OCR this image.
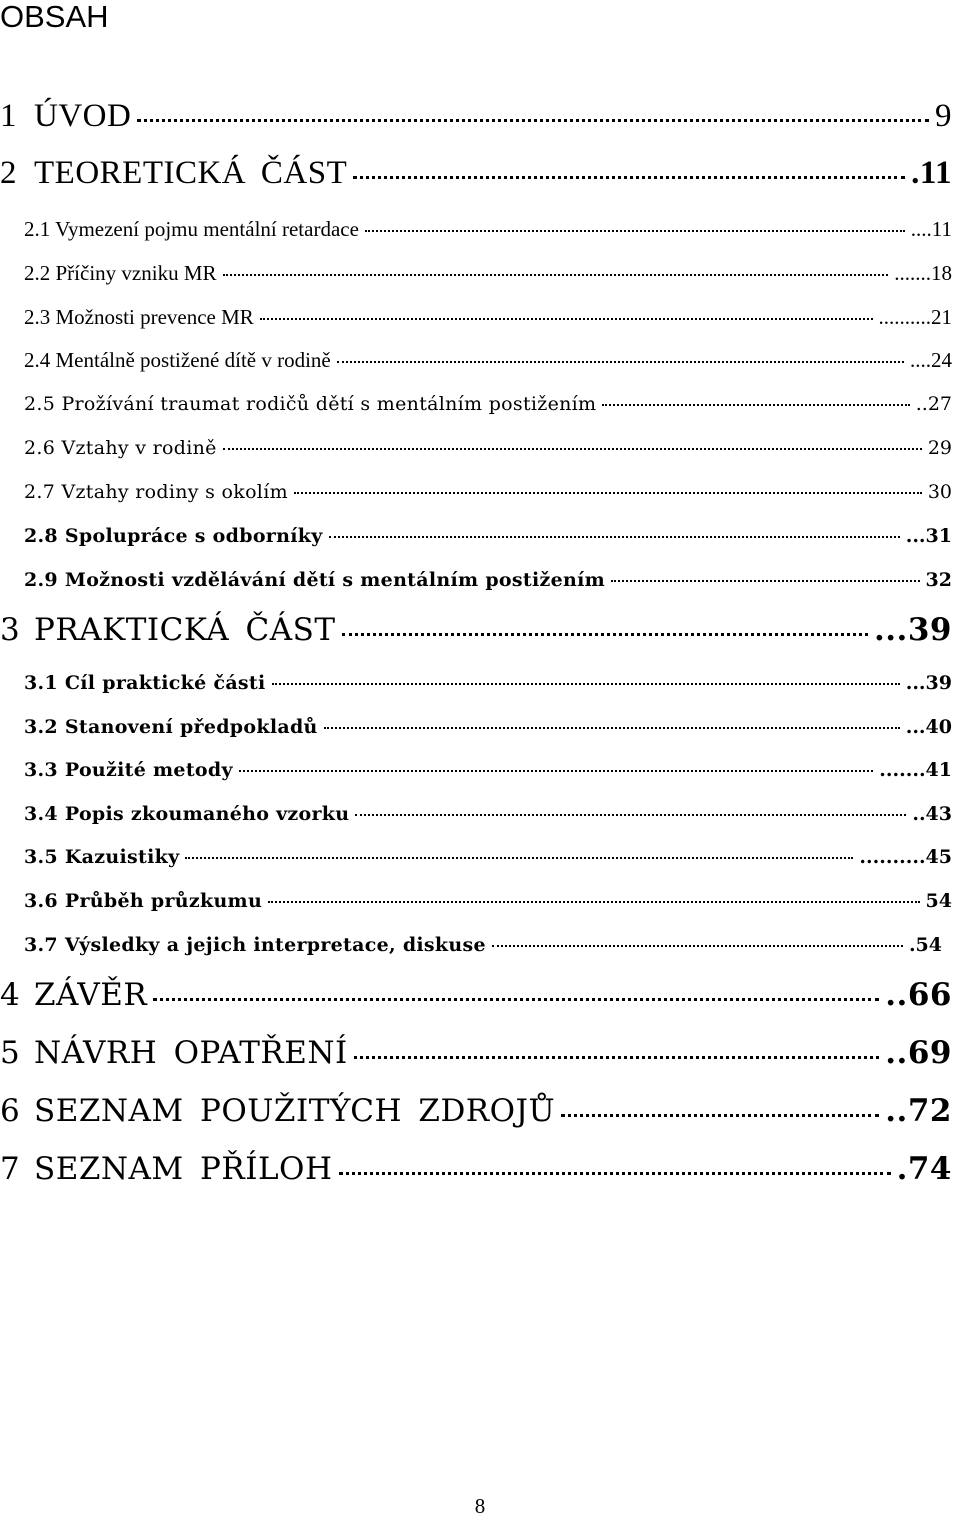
OBSAH
1 ÚVOD	9
2 TEORETICKÁ ČÁST	.11
2.1 Vymezení pojmu mentální retardace	....11
2.2 Příčiny vzniku MR	.......18
2.3 Možnosti prevence MR	..........21
2.4 Mentálně postižené dítě v rodině	....24
2.5 Prožívání traumat rodičů dětí s mentálním postižením	..27
2.6 Vztahy v rodině	29
2.7 Vztahy rodiny s okolím	30
2.8 Spolupráce s odborníky	...31
2.9 Možnosti vzdělávání dětí s mentálním postižením	32
3 PRAKTICKÁ ČÁST	...39
3.1 Cíl praktické části	...39
3.2 Stanovení předpokladů	...40
3.3 Použité metody	.......41
3.4 Popis zkoumaného vzorku	..43
3.5 Kazuistiky	..........45
3.6 Průběh průzkumu	54
3.7 Výsledky a jejich interpretace, diskuse	.54
4 ZÁVĚR	..66
5 NÁVRH OPATŘENÍ	..69
6 SEZNAM POUŽITÝCH ZDROJŮ	..72
7 SEZNAM PŘÍLOH	.74
8
